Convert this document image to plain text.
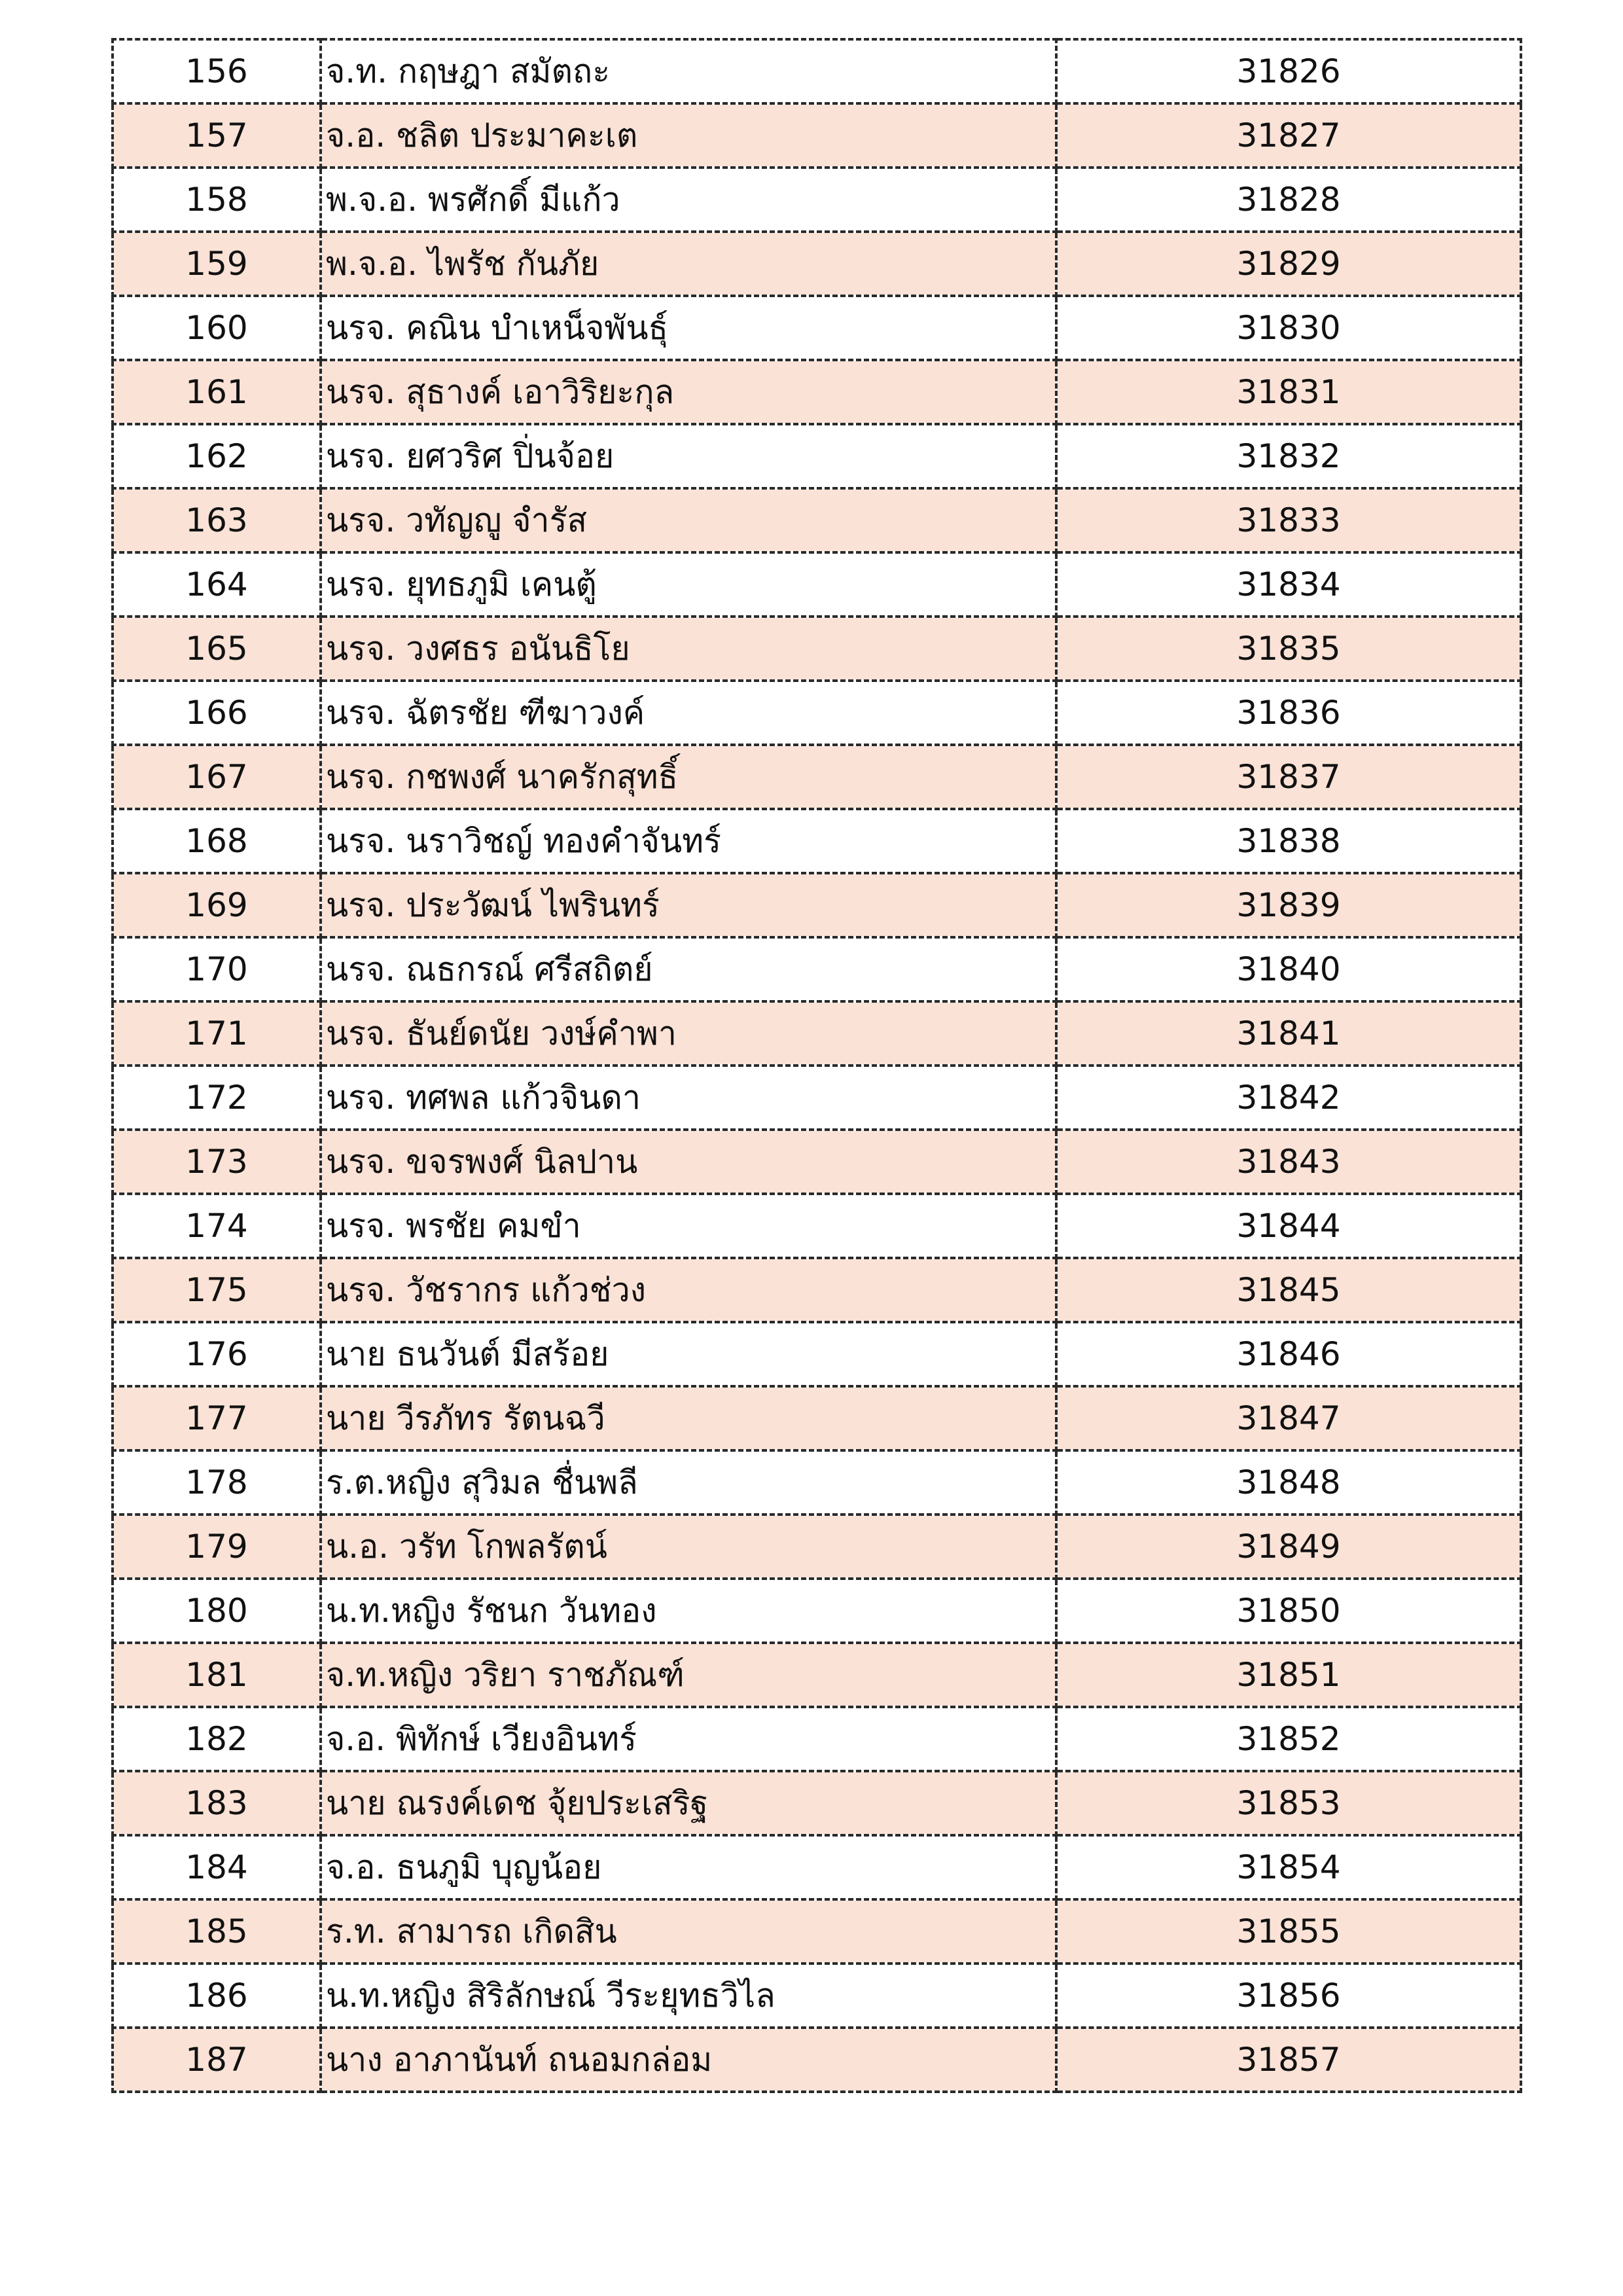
156	จ.ท. กฤษฎา สมัตถะ	31826
157	จ.อ. ชลิต ประมาคะเต	31827
158	พ.จ.อ. พรศักดิ์ มีแก้ว	31828
159	พ.จ.อ. ไพรัช กันภัย	31829
160	นรจ. คณิน บำเหน็จพันธุ์	31830
161	นรจ. สุธางค์ เอาวิริยะกุล	31831
162	นรจ. ยศวริศ ปิ่นจ้อย	31832
163	นรจ. วทัญญู จำรัส	31833
164	นรจ. ยุทธภูมิ เคนตู้	31834
165	นรจ. วงศธร อนันธิโย	31835
166	นรจ. ฉัตรชัย ฑีฆาวงค์	31836
167	นรจ. กชพงศ์ นาครักสุทธิ์	31837
168	นรจ. นราวิชญ์ ทองคำจันทร์	31838
169	นรจ. ประวัฒน์ ไพรินทร์	31839
170	นรจ. ณธกรณ์ ศรีสถิตย์	31840
171	นรจ. ธันย์ดนัย วงษ์คำพา	31841
172	นรจ. ทศพล แก้วจินดา	31842
173	นรจ. ขจรพงศ์ นิลปาน	31843
174	นรจ. พรชัย คมขำ	31844
175	นรจ. วัชรากร แก้วช่วง	31845
176	นาย ธนวันต์ มีสร้อย	31846
177	นาย วีรภัทร รัตนฉวี	31847
178	ร.ต.หญิง สุวิมล ชื่นพลี	31848
179	น.อ. วรัท โกพลรัตน์	31849
180	น.ท.หญิง รัชนก วันทอง	31850
181	จ.ท.หญิง วริยา ราชภัณฑ์	31851
182	จ.อ. พิทักษ์ เวียงอินทร์	31852
183	นาย ณรงค์เดช จุ้ยประเสริฐ	31853
184	จ.อ. ธนภูมิ บุญน้อย	31854
185	ร.ท. สามารถ เกิดสิน	31855
186	น.ท.หญิง สิริลักษณ์ วีระยุทธวิไล	31856
187	นาง อาภานันท์ ถนอมกล่อม	31857
